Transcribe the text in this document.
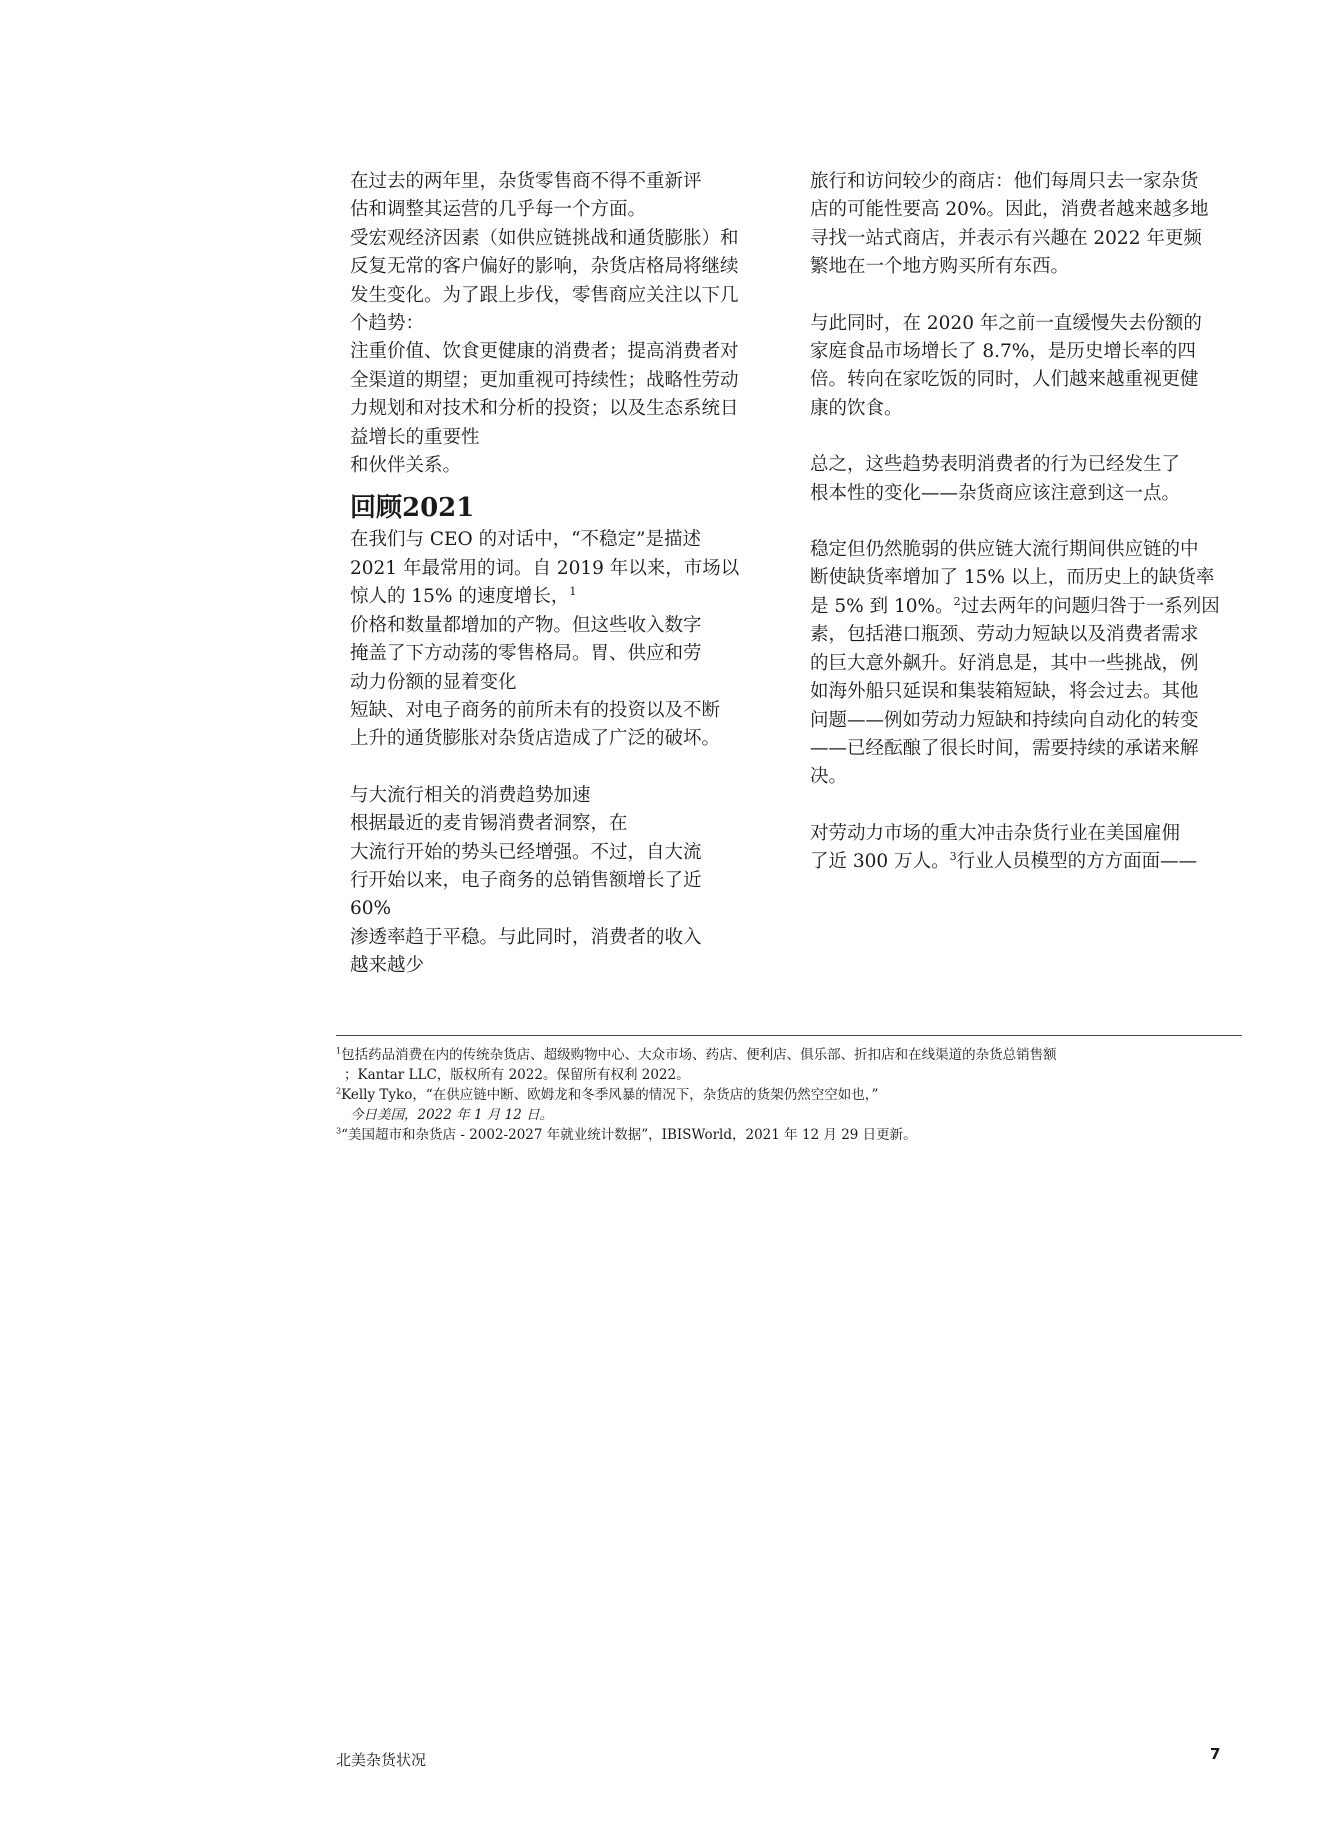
在过去的两年里，杂货零售商不得不重新评
估和调整其运营的几乎每一个方面。
受宏观经济因素（如供应链挑战和通货膨胀）和
反复无常的客户偏好的影响，杂货店格局将继续
发生变化。为了跟上步伐，零售商应关注以下几
个趋势：
注重价值、饮食更健康的消费者；提高消费者对
全渠道的期望；更加重视可持续性；战略性劳动
力规划和对技术和分析的投资；以及生态系统日
益增长的重要性
和伙伴关系。
回顾2021
在我们与 CEO 的对话中，“不稳定”是描述
2021 年最常用的词。自 2019 年以来，市场以
惊人的 15% 的速度增长，$^1$
价格和数量都增加的产物。但这些收入数字
掩盖了下方动荡的零售格局。胃、供应和劳
动力份额的显着变化
短缺、对电子商务的前所未有的投资以及不断
上升的通货膨胀对杂货店造成了广泛的破坏。
与大流行相关的消费趋势加速
根据最近的麦肯锡消费者洞察，在
大流行开始的势头已经增强。不过，自大流
行开始以来，电子商务的总销售额增长了近
60%
渗透率趋于平稳。与此同时，消费者的收入
越来越少
旅行和访问较少的商店：他们每周只去一家杂货
店的可能性要高 20%。因此，消费者越来越多地
寻找一站式商店，并表示有兴趣在 2022 年更频
繁地在一个地方购买所有东西。
与此同时，在 2020 年之前一直缓慢失去份额的
家庭食品市场增长了 8.7%，是历史增长率的四
倍。转向在家吃饭的同时，人们越来越重视更健
康的饮食。
总之，这些趋势表明消费者的行为已经发生了
根本性的变化——杂货商应该注意到这一点。
稳定但仍然脆弱的供应链大流行期间供应链的中
断使缺货率增加了 15% 以上，而历史上的缺货率
是 5% 到 10%。$^2$过去两年的问题归咎于一系列因
素，包括港口瓶颈、劳动力短缺以及消费者需求
的巨大意外飙升。好消息是，其中一些挑战，例
如海外船只延误和集装箱短缺，将会过去。其他
问题——例如劳动力短缺和持续向自动化的转变
——已经酝酿了很长时间，需要持续的承诺来解
决。
对劳动力市场的重大冲击杂货行业在美国雇佣
了近 300 万人。$^3$行业人员模型的方方面面——
$^1$包括药品消费在内的传统杂货店、超级购物中心、大众市场、药店、便利店、俱乐部、折扣店和在线渠道的杂货总销售额
；Kantar LLC，版权所有 2022。保留所有权利 2022。
$^2$Kelly Tyko，“在供应链中断、欧姆龙和冬季风暴的情况下，杂货店的货架仍然空空如也，”
今日美国，2022 年 1 月 12 日。
$^3$“美国超市和杂货店 - 2002-2027 年就业统计数据”，IBISWorld，2021 年 12 月 29 日更新。
北美杂货状况	7
